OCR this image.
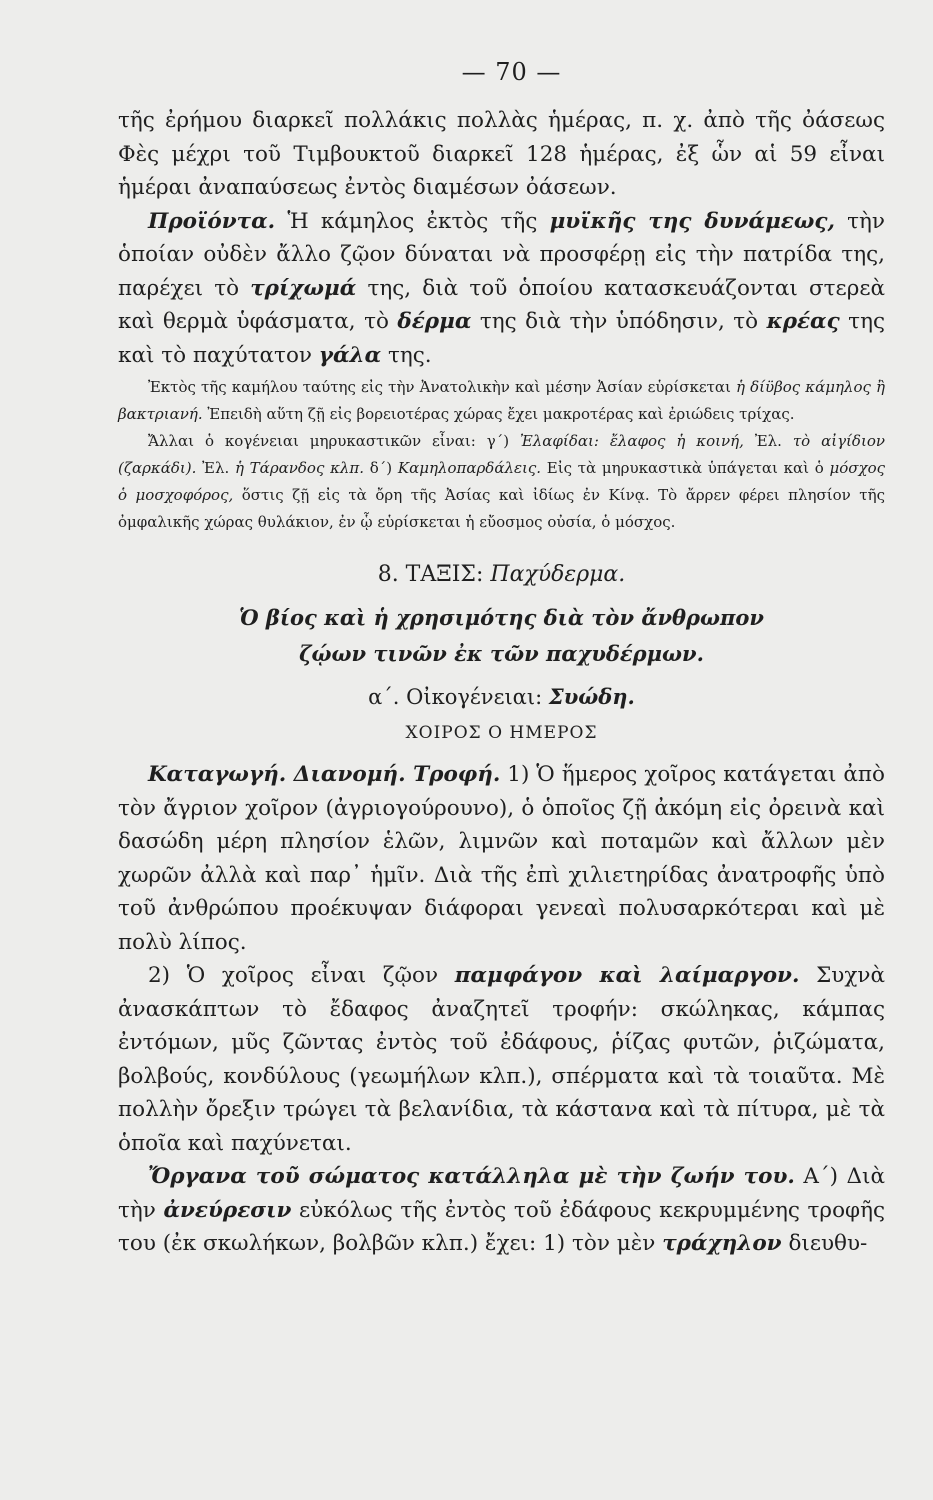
— 70 —

τῆς ἐρήμου διαρκεῖ πολλάκις πολλὰς ἡμέρας, π. χ. ἀπὸ τῆς ὀάσεως Φὲς μέχρι τοῦ Τιμβουκτοῦ διαρκεῖ 128 ἡμέρας, ἐξ ὧν αἱ 59 εἶναι ἡμέραι ἀναπαύσεως ἐντὸς διαμέσων ὀάσεων.

Προϊόντα. Ἡ κάμηλος ἐκτὸς τῆς μυϊκῆς της δυνάμεως, τὴν ὁποίαν οὐδὲν ἄλλο ζῷον δύναται νὰ προσφέρῃ εἰς τὴν πατρίδα της, παρέχει τὸ τρίχωμά της, διὰ τοῦ ὁποίου κατασκευάζονται στερεὰ καὶ θερμὰ ὑφάσματα, τὸ δέρμα της διὰ τὴν ὑπόδησιν, τὸ κρέας της καὶ τὸ παχύτατον γάλα της.

Ἐκτὸς τῆς καμήλου ταύτης εἰς τὴν Ἀνατολικὴν καὶ μέσην Ἀσίαν εὑρίσκεται ἡ δίϋβος κάμηλος ἢ βακτριανή. Ἐπειδὴ αὕτη ζῇ εἰς βορειοτέρας χώρας ἔχει μακροτέρας καὶ ἐριώδεις τρίχας.

Ἄλλαι ὁ κογένειαι μηρυκαστικῶν εἶναι: γ΄) Ἐλαφίδαι: ἔλαφος ἡ κοινή, Ἐλ. τὸ αἰγίδιον (ζαρκάδι). Ἐλ. ἡ Τάρανδος κλπ. δ΄) Καμηλοπαρδάλεις. Εἰς τὰ μηρυκαστικὰ ὑπάγεται καὶ ὁ μόσχος ὁ μοσχοφόρος, ὅστις ζῇ εἰς τὰ ὄρη τῆς Ἀσίας καὶ ἰδίως ἐν Κίνᾳ. Τὸ ἄρρεν φέρει πλησίον τῆς ὀμφαλικῆς χώρας θυλάκιον, ἐν ᾧ εὑρίσκεται ἡ εὔοσμος οὐσία, ὁ μόσχος.

8. ΤΑΞΙΣ: Παχύδερμα.
Ὁ βίος καὶ ἡ χρησιμότης διὰ τὸν ἄνθρωπον
ζῴων τινῶν ἐκ τῶν παχυδέρμων.
α΄. Οἰκογένειαι: Συώδη.
ΧΟΙΡΟΣ Ο ΗΜΕΡΟΣ

Καταγωγή. Διανομή. Τροφή. 1) Ὁ ἥμερος χοῖρος κατάγεται ἀπὸ τὸν ἄγριον χοῖρον (ἀγριογούρουνο), ὁ ὁποῖος ζῇ ἀκόμη εἰς ὀρεινὰ καὶ δασώδη μέρη πλησίον ἑλῶν, λιμνῶν καὶ ποταμῶν καὶ ἄλλων μὲν χωρῶν ἀλλὰ καὶ παρ᾽ ἡμῖν. Διὰ τῆς ἐπὶ χιλιετηρίδας ἀνατροφῆς ὑπὸ τοῦ ἀνθρώπου προέκυψαν διάφοραι γενεαὶ πολυσαρκότεραι καὶ μὲ πολὺ λίπος.

2) Ὁ χοῖρος εἶναι ζῷον παμφάγον καὶ λαίμαργον. Συχνὰ ἀνασκάπτων τὸ ἔδαφος ἀναζητεῖ τροφήν: σκώληκας, κάμπας ἐντόμων, μῦς ζῶντας ἐντὸς τοῦ ἐδάφους, ῥίζας φυτῶν, ῥιζώματα, βολβούς, κονδύλους (γεωμήλων κλπ.), σπέρματα καὶ τὰ τοιαῦτα. Μὲ πολλὴν ὄρεξιν τρώγει τὰ βελανίδια, τὰ κάστανα καὶ τὰ πίτυρα, μὲ τὰ ὁποῖα καὶ παχύνεται.

Ὄργανα τοῦ σώματος κατάλληλα μὲ τὴν ζωήν του. Α΄) Διὰ τὴν ἀνεύρεσιν εὐκόλως τῆς ἐντὸς τοῦ ἐδάφους κεκρυμμένης τροφῆς του (ἐκ σκωλήκων, βολβῶν κλπ.) ἔχει: 1) τὸν μὲν τράχηλον διευθυ-
